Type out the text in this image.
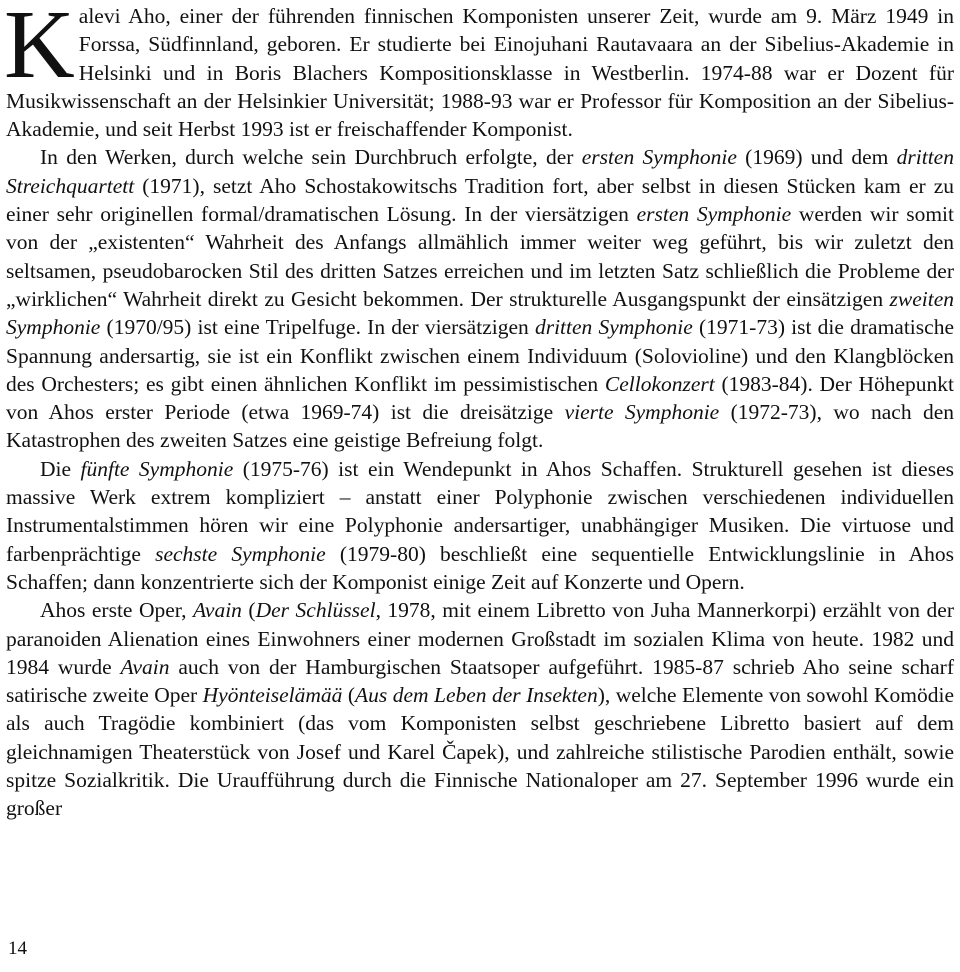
Kalevi Aho, einer der führenden finnischen Komponisten unserer Zeit, wurde am 9. März 1949 in Forssa, Südfinnland, geboren. Er studierte bei Einojuhani Rautavaara an der Sibelius-Akademie in Helsinki und in Boris Blachers Kompositionsklasse in Westberlin. 1974-88 war er Dozent für Musikwissenschaft an der Helsinkier Universität; 1988-93 war er Professor für Komposition an der Sibelius-Akademie, und seit Herbst 1993 ist er freischaffender Komponist.

In den Werken, durch welche sein Durchbruch erfolgte, der ersten Symphonie (1969) und dem dritten Streichquartett (1971), setzt Aho Schostakowitschs Tradition fort, aber selbst in diesen Stücken kam er zu einer sehr originellen formal/dramatischen Lösung. In der viersätzigen ersten Symphonie werden wir somit von der „existenten“ Wahrheit des Anfangs allmählich immer weiter weg geführt, bis wir zuletzt den seltsamen, pseudobarocken Stil des dritten Satzes erreichen und im letzten Satz schließlich die Probleme der „wirklichen“ Wahrheit direkt zu Gesicht bekommen. Der strukturelle Ausgangspunkt der einsätzigen zweiten Symphonie (1970/95) ist eine Tripelfuge. In der viersätzigen dritten Symphonie (1971-73) ist die dramatische Spannung andersartig, sie ist ein Konflikt zwischen einem Individuum (Solovioline) und den Klangblöcken des Orchesters; es gibt einen ähnlichen Konflikt im pessimistischen Cellokonzert (1983-84). Der Höhepunkt von Ahos erster Periode (etwa 1969-74) ist die dreisätzige vierte Symphonie (1972-73), wo nach den Katastrophen des zweiten Satzes eine geistige Befreiung folgt.

Die fünfte Symphonie (1975-76) ist ein Wendepunkt in Ahos Schaffen. Strukturell gesehen ist dieses massive Werk extrem kompliziert – anstatt einer Polyphonie zwischen verschiedenen individuellen Instrumentalstimmen hören wir eine Polyphonie andersartiger, unabhängiger Musiken. Die virtuose und farbenprächtige sechste Symphonie (1979-80) beschließt eine sequentielle Entwicklungslinie in Ahos Schaffen; dann konzentrierte sich der Komponist einige Zeit auf Konzerte und Opern.

Ahos erste Oper, Avain (Der Schlüssel, 1978, mit einem Libretto von Juha Mannerkorpi) erzählt von der paranoiden Alienation eines Einwohners einer modernen Großstadt im sozialen Klima von heute. 1982 und 1984 wurde Avain auch von der Hamburgischen Staatsoper aufgeführt. 1985-87 schrieb Aho seine scharf satirische zweite Oper Hyönteiselämää (Aus dem Leben der Insekten), welche Elemente von sowohl Komödie als auch Tragödie kombiniert (das vom Komponisten selbst geschriebene Libretto basiert auf dem gleichnamigen Theaterstück von Josef und Karel Čapek), und zahlreiche stilistische Parodien enthält, sowie spitze Sozialkritik. Die Uraufführung durch die Finnische Nationaloper am 27. September 1996 wurde ein großer

14
